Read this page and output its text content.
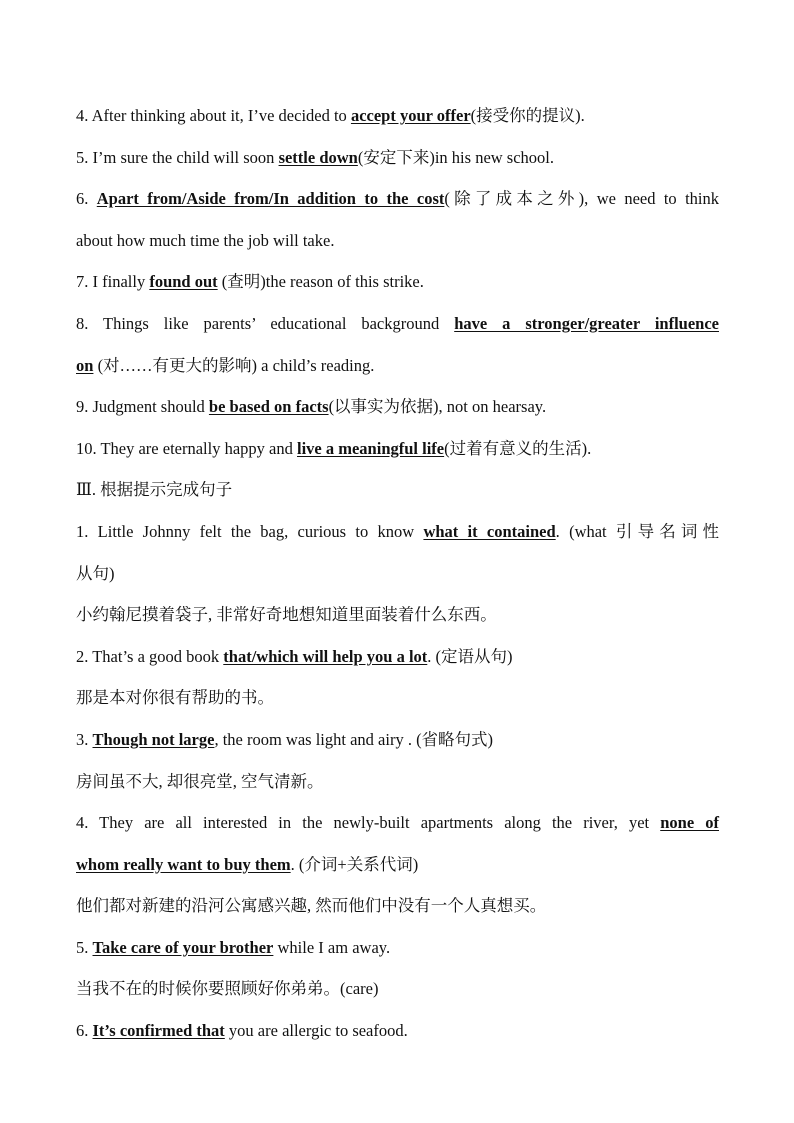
4. After thinking about it, I’ve decided to accept your offer(接受你的提议).
5. I’m sure the child will soon settle down(安定下来)in his new school.
6. Apart from/Aside from/In addition to the cost(除了成本之外), we need to think
about how much time the job will take.
7. I finally found out (查明)the reason of this strike.
8. Things like parents’ educational background have a stronger/greater influence
on (对……有更大的影响) a child’s reading.
9. Judgment should be based on facts(以事实为依据), not on hearsay.
10. They are eternally happy and live a meaningful life(过着有意义的生活).
Ⅲ. 根据提示完成句子
1. Little Johnny felt the bag, curious to know what it contained. (what 引导名词性
从句)
小约翰尼摸着袋子, 非常好奇地想知道里面装着什么东西。
2. That’s a good book that/which will help you a lot. (定语从句)
那是本对你很有帮助的书。
3. Though not large, the room was light and airy . (省略句式)
房间虽不大, 却很亮堂, 空气清新。
4. They are all interested in the newly-built apartments along the river, yet none of
whom really want to buy them. (介词+关系代词)
他们都对新建的沿河公寓感兴趣, 然而他们中没有一个人真想买。
5. Take care of your brother while I am away.
当我不在的时候你要照顾好你弟弟。(care)
6. It’s confirmed that you are allergic to seafood.
